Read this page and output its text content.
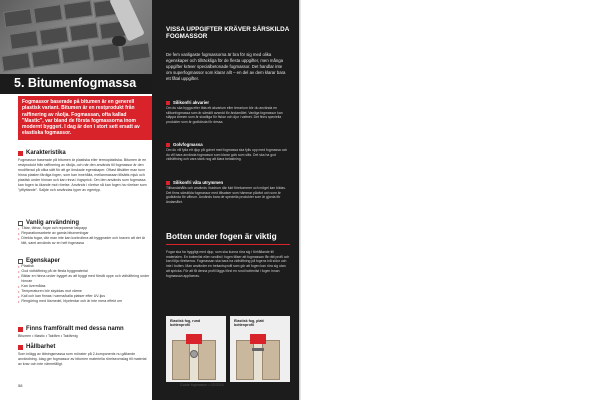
5. Bitumenfogmassa
Fogmassor baserade på bitumen är en generell plastisk variant. Bitumen är en restprodukt från raffinering av råolja. Fogmassan, ofta kallad "Mastic", var bland de första fogmassorna inom modernt byggeri. I dag är den i stort sett ersatt av elastiska fogmassor.
Karakteristika

Fogmassor baserade på bitumen är plastiska eller termoplastiska. Bitumen är en restprodukt från raffinering av råolja, och när den används till fogmassor är den modifierad på olika sätt för att ge önskade egenskaper. Oftast tillsätter man tunn hinna plasten färdiga fogen, som kan innehålla, mellanmassan tillsätts mjuk och plastisk under hinnan och kan rinna i fogsprick. Om den används som fogmassa kan fogen ta ökande mot rörelse. Används i rörelse så kan fogen ha rörelser som "ytflyttande". Saljde och användas typer av egentyp.

Vanlig användning
• Tätar, tätnar, fogar och reparerar takpapp
• Reparationsarbete av gamla bitumenfogar
• Direkta fogar, där man inte kan kontrollera att byggnader och kraven att det är tätt, samt används av en helt fogmassa
Egenskaper
• Plastisk
• God vidhäftning på de flesta byggmaterial
• Bildar en hinna under bygget av att byggt med förstå uppe och vidhäftning under hinnan
• Kan övermålas
• Temperaturen bör skyddas mot värme
• Kall och kan finnas i varma/kalla platser efter UV-ljus
• Rengöring med lösmedel, blyeterdar och är inte mera effekt om
Finns framförallt med dessa namn

Bitumen • Mastic • Takfärn • Takfärnig

Hållbarhet

Som inlägg av tätningsmassa som mönster på 2-komponents nu gällande användning. Idag ger fogmassor av bitumen materiella rörelseomslag till material av krav och inte värmetåligt.

58
VISSA UPPGIFTER KRÄVER SÄRSKILDA FOGMASSOR
De fem vanligaste fogmassorna är bra för sig med olika egenskaper och tillräckliga för de flesta uppgifter, men många uppgifter kräver specialbetonade fogmassor. Det handlar inte om superfogmassor som klarar allt – en del av dem klarar bara ett fåtal uppgifter.
Silikonfri akvarier

Om du ska bygga eller täta ett akvarium eller terrarium bör du använda en silikonfogmassa som är särskilt avsedd för ändamålet. Vanliga fogmassor kan släppa ämnen som är skadliga för fiskar och djur i vattnet. Det finns speciella produkter som är godkända för dessa.

Golvfogmassa

Om du vill fylla ett djup på golvet med fogmassa ska fylls upp med fogmassa och du vill bara använda fogmassor som klarar golv som slits. Det ska ha god vidhäftning och vara stark nog att klara belastning.

Silikonfri våta utrymmen

Tillhandahålls och används i badrum där fukt förekommer och mögel kan bildas. Det finns särskilda fogmassor med tillsatser som hämmar påväxt och som är godkända för våtrum. Används bara de speciella produkter som är gjorda för ändamålet.

Botten under fogen är viktig

Fogar ska ha hyggligt med djup, som ska kunna röra sig i förhållande till materialen. En bottenlist eller rundlist i fogen tillser att fogmassan får rätt profil och kan följa rörelserna. Fogmassan ska bara ha vidhäftning på fogens två sidor och inte i botten. Man använder en trekantsprofil som gör att fogen kan röra sig utan att spricka. För att få denna profil läggs först en rund bottenlist i fogen innan fogmassan appliceras.

Elastisk fog, rund bottenprofil
Elastisk fog, platt bottenprofil
Guide fogmassor • 02/2024
